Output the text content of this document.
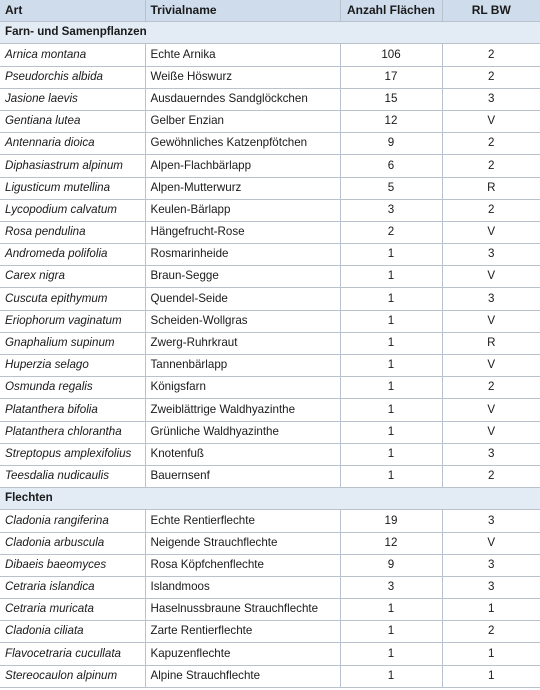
Art	Trivialname	Anzahl Flächen	RL BW
Farn- und Samenpflanzen			
Arnica montana	Echte Arnika	106	2
Pseudorchis albida	Weiße Höswurz	17	2
Jasione laevis	Ausdauerndes Sandglöckchen	15	3
Gentiana lutea	Gelber Enzian	12	V
Antennaria dioica	Gewöhnliches Katzenpfötchen	9	2
Diphasiastrum alpinum	Alpen-Flachbärlapp	6	2
Ligusticum mutellina	Alpen-Mutterwurz	5	R
Lycopodium calvatum	Keulen-Bärlapp	3	2
Rosa pendulina	Hängefrucht-Rose	2	V
Andromeda polifolia	Rosmarinheide	1	3
Carex nigra	Braun-Segge	1	V
Cuscuta epithymum	Quendel-Seide	1	3
Eriophorum vaginatum	Scheiden-Wollgras	1	V
Gnaphalium supinum	Zwerg-Ruhrkraut	1	R
Huperzia selago	Tannenbärlapp	1	V
Osmunda regalis	Königsfarn	1	2
Platanthera bifolia	Zweiblättrige Waldhyazinthe	1	V
Platanthera chlorantha	Grünliche Waldhyazinthe	1	V
Streptopus amplexifolius	Knotenfuß	1	3
Teesdalia nudicaulis	Bauernsenf	1	2
Flechten			
Cladonia rangiferina	Echte Rentierflechte	19	3
Cladonia arbuscula	Neigende Strauchflechte	12	V
Dibaeis baeomyces	Rosa Köpfchenflechte	9	3
Cetraria islandica	Islandmoos	3	3
Cetraria muricata	Haselnussbraune Strauchflechte	1	1
Cladonia ciliata	Zarte Rentierflechte	1	2
Flavocetraria cucullata	Kapuzenflechte	1	1
Stereocaulon alpinum	Alpine Strauchflechte	1	1
